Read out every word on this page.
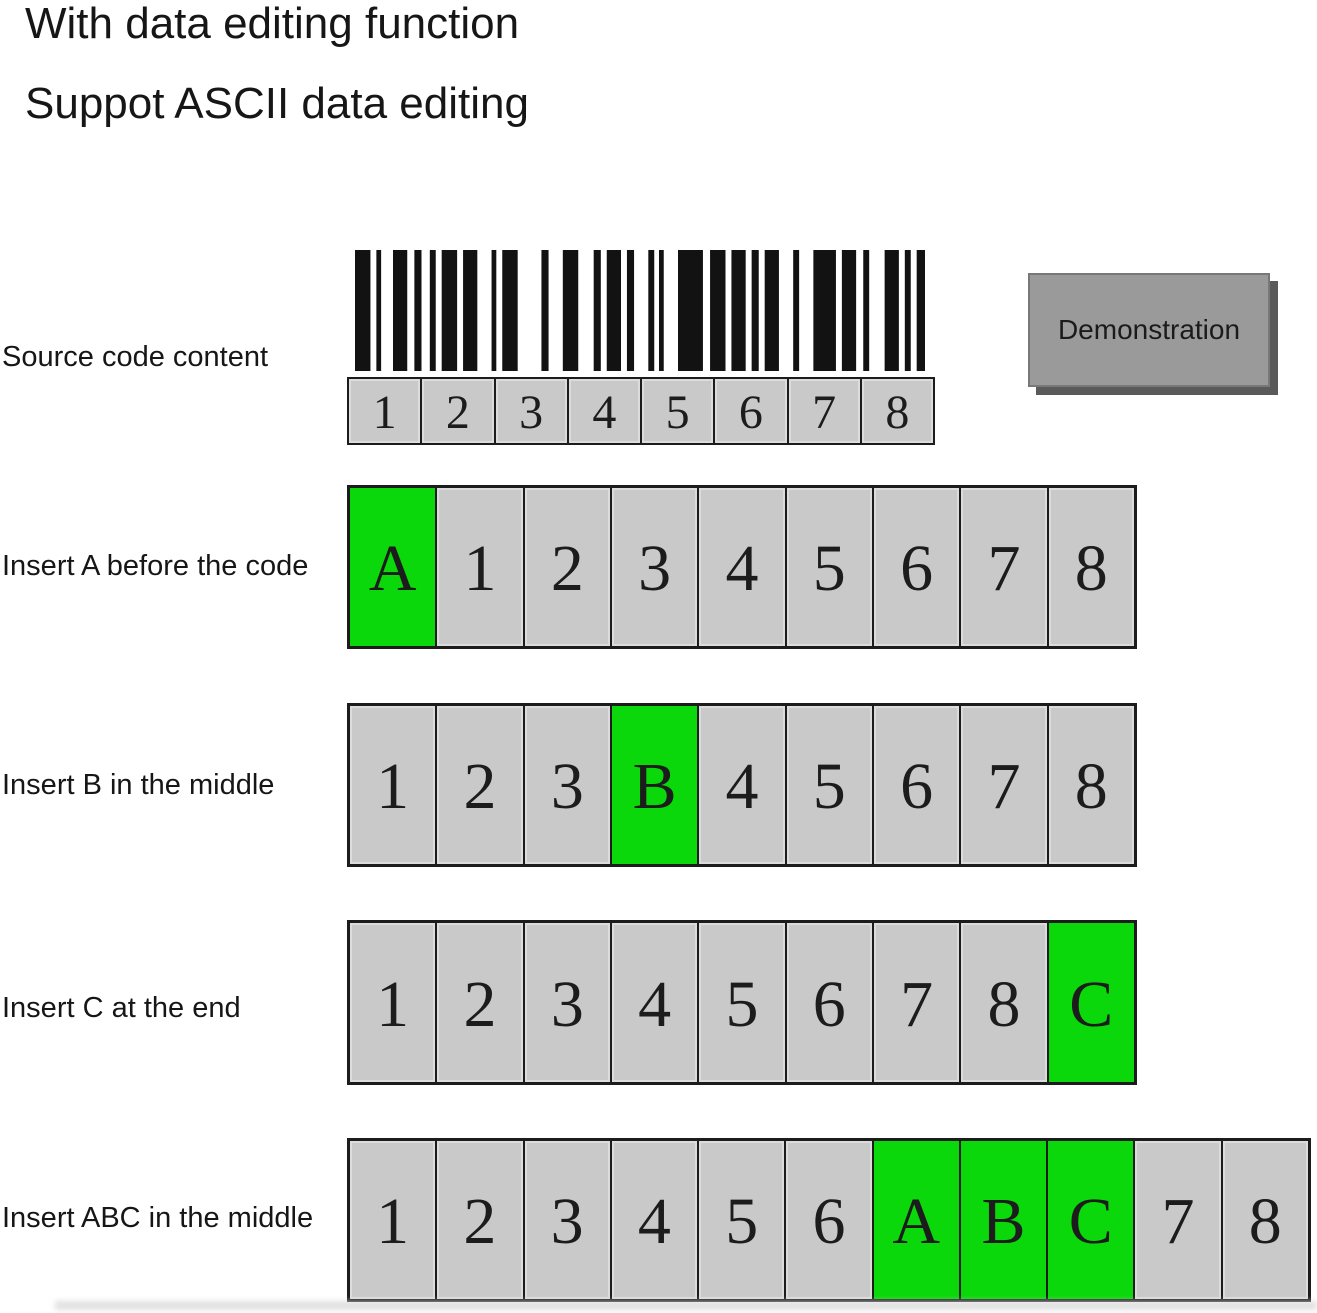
With data editing function
Suppot ASCII data editing
Source code content
Insert A before the code
Insert B in the middle
Insert C at the end
Insert ABC in the middle
1 2 3 4 5 6 7 8
A 1 2 3 4 5 6 7 8
1 2 3 B 4 5 6 7 8
1 2 3 4 5 6 7 8 C
1 2 3 4 5 6 A B C 7 8
Demonstration
